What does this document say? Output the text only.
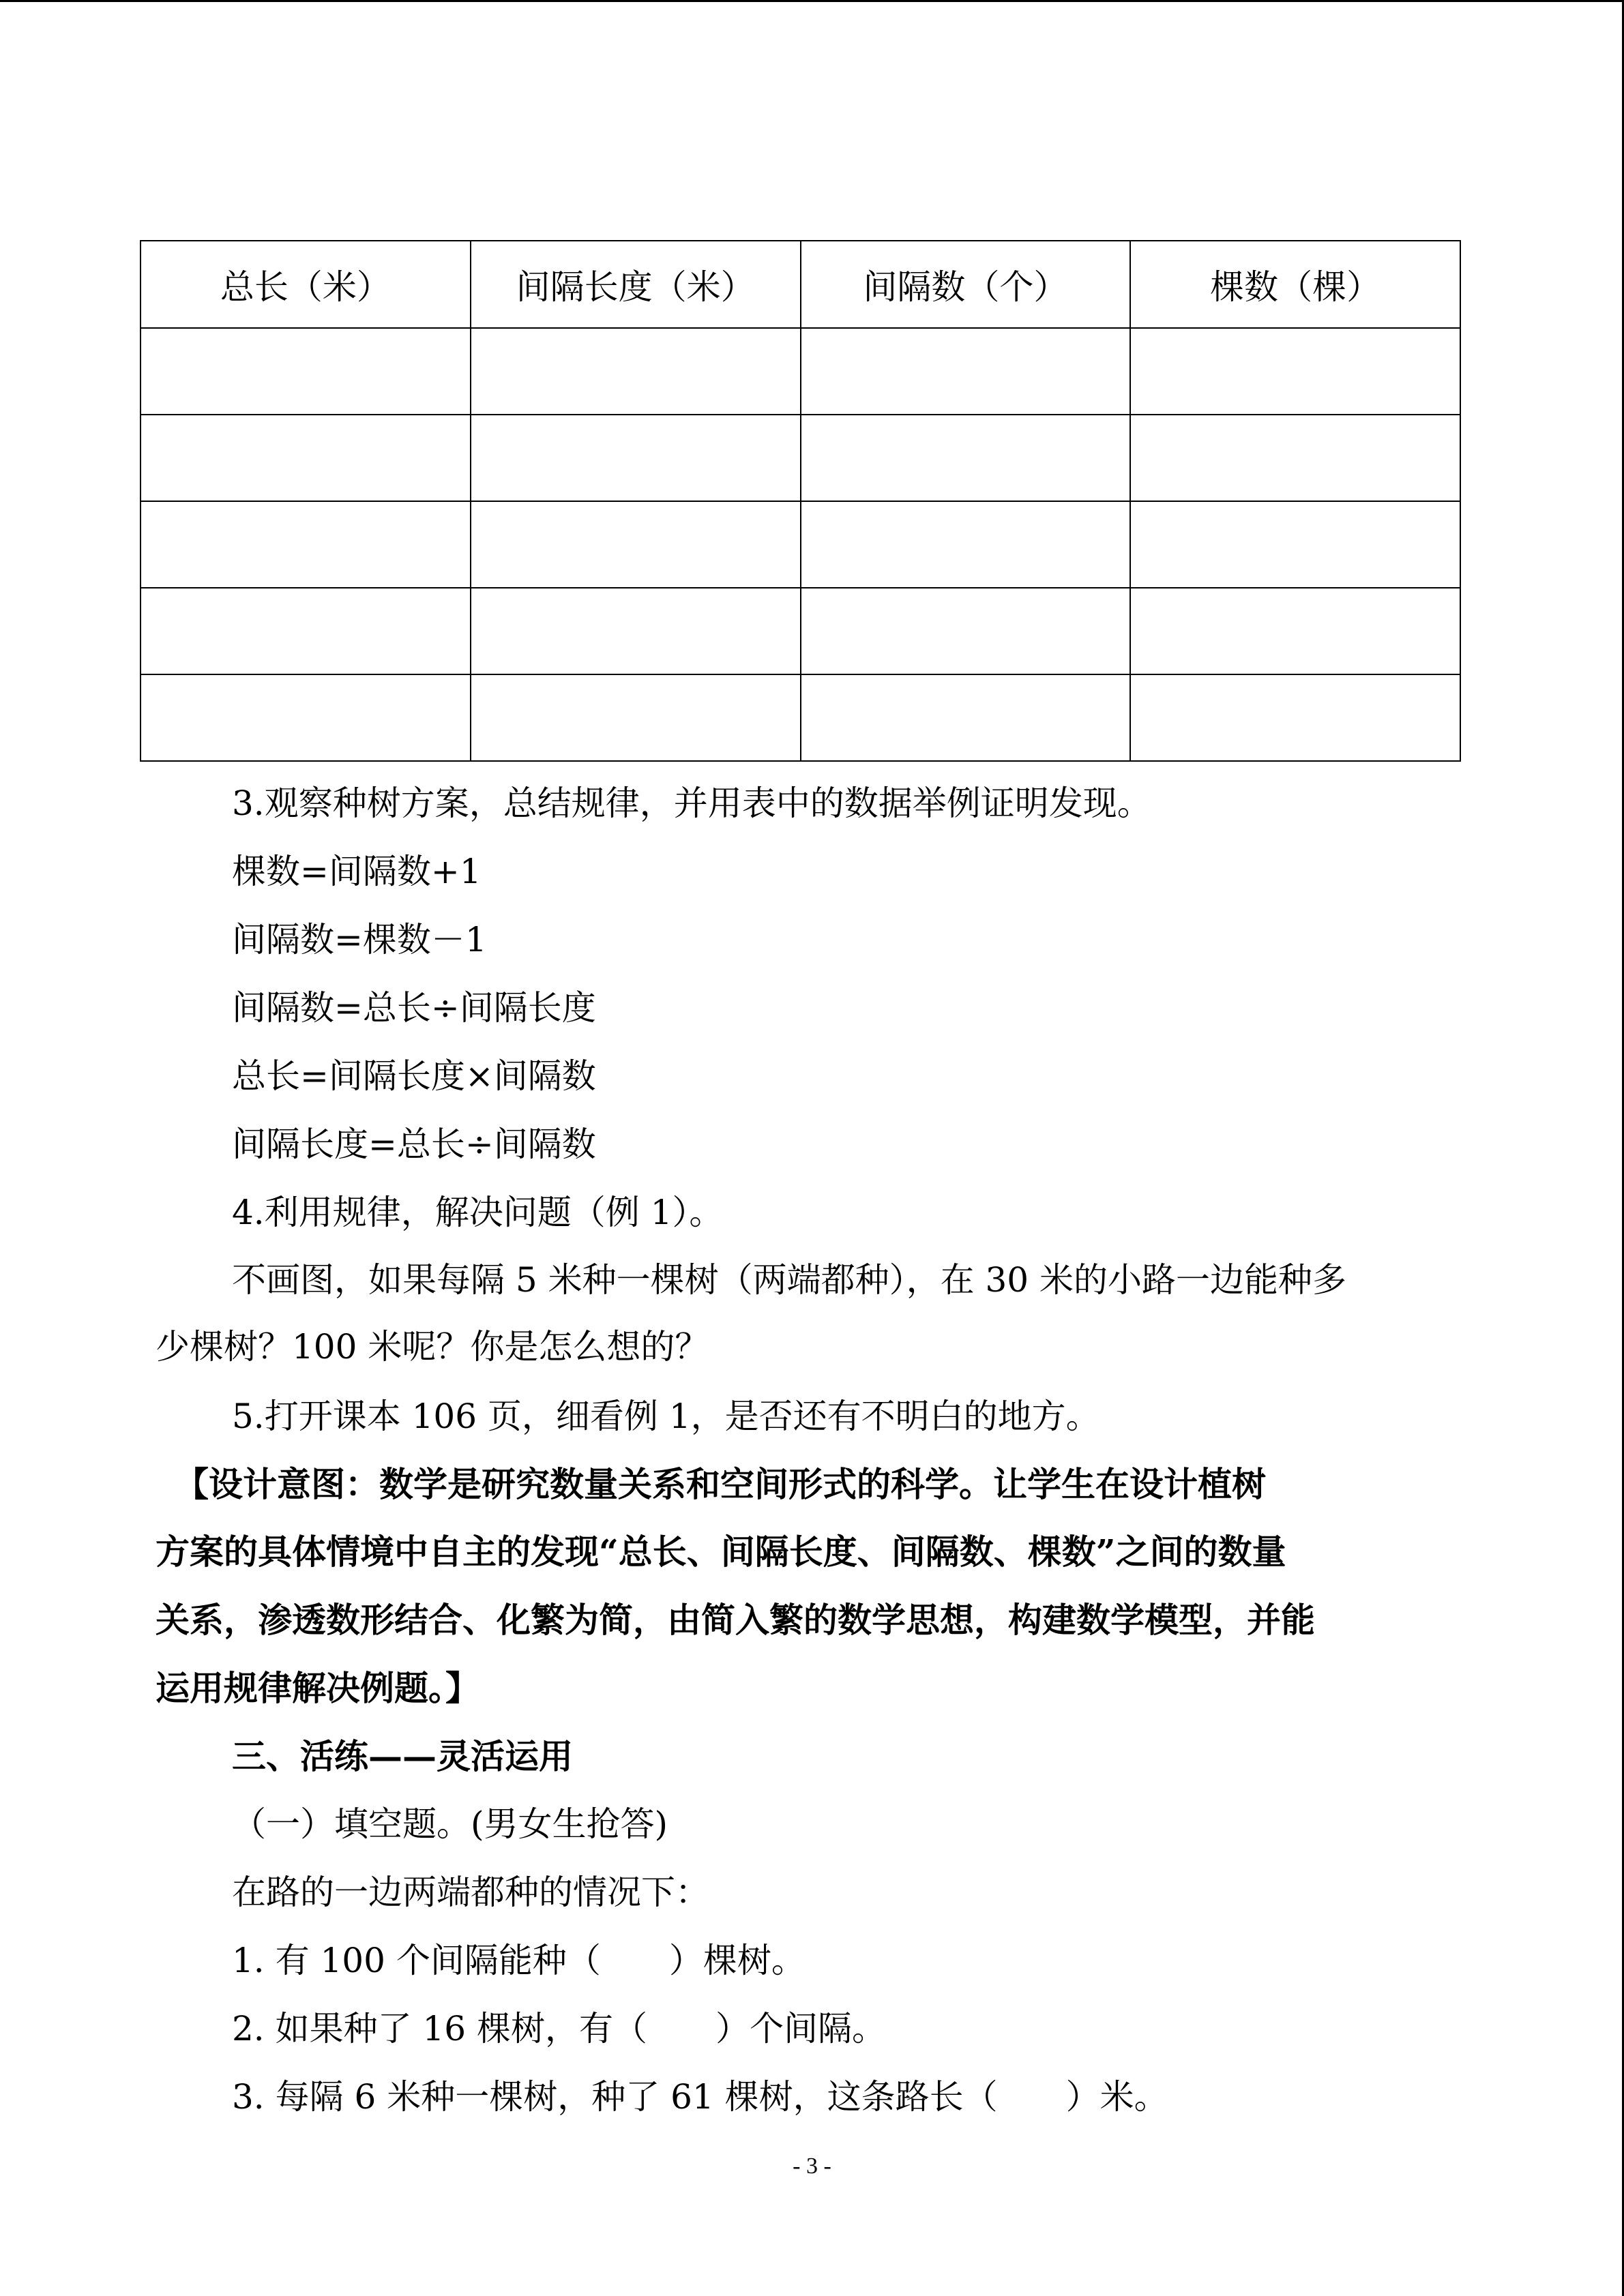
总长（米）	间隔长度（米）	间隔数（个）	棵数（棵）

3.观察种树方案，总结规律，并用表中的数据举例证明发现。
棵数=间隔数+1
间隔数=棵数－1
间隔数=总长÷间隔长度
总长=间隔长度×间隔数
间隔长度=总长÷间隔数
4.利用规律，解决问题（例 1）。
不画图，如果每隔 5 米种一棵树（两端都种），在 30 米的小路一边能种多
少棵树？100 米呢？你是怎么想的？
5.打开课本 106 页，细看例 1，是否还有不明白的地方。
【设计意图：数学是研究数量关系和空间形式的科学。让学生在设计植树
方案的具体情境中自主的发现“总长、间隔长度、间隔数、棵数”之间的数量
关系，渗透数形结合、化繁为简，由简入繁的数学思想，构建数学模型，并能
运用规律解决例题。】
三、活练——灵活运用
（一）填空题。(男女生抢答)
在路的一边两端都种的情况下：
1. 有 100 个间隔能种（　　）棵树。
2. 如果种了 16 棵树，有（　　）个间隔。
3. 每隔 6 米种一棵树，种了 61 棵树，这条路长（　　）米。
- 3 -
